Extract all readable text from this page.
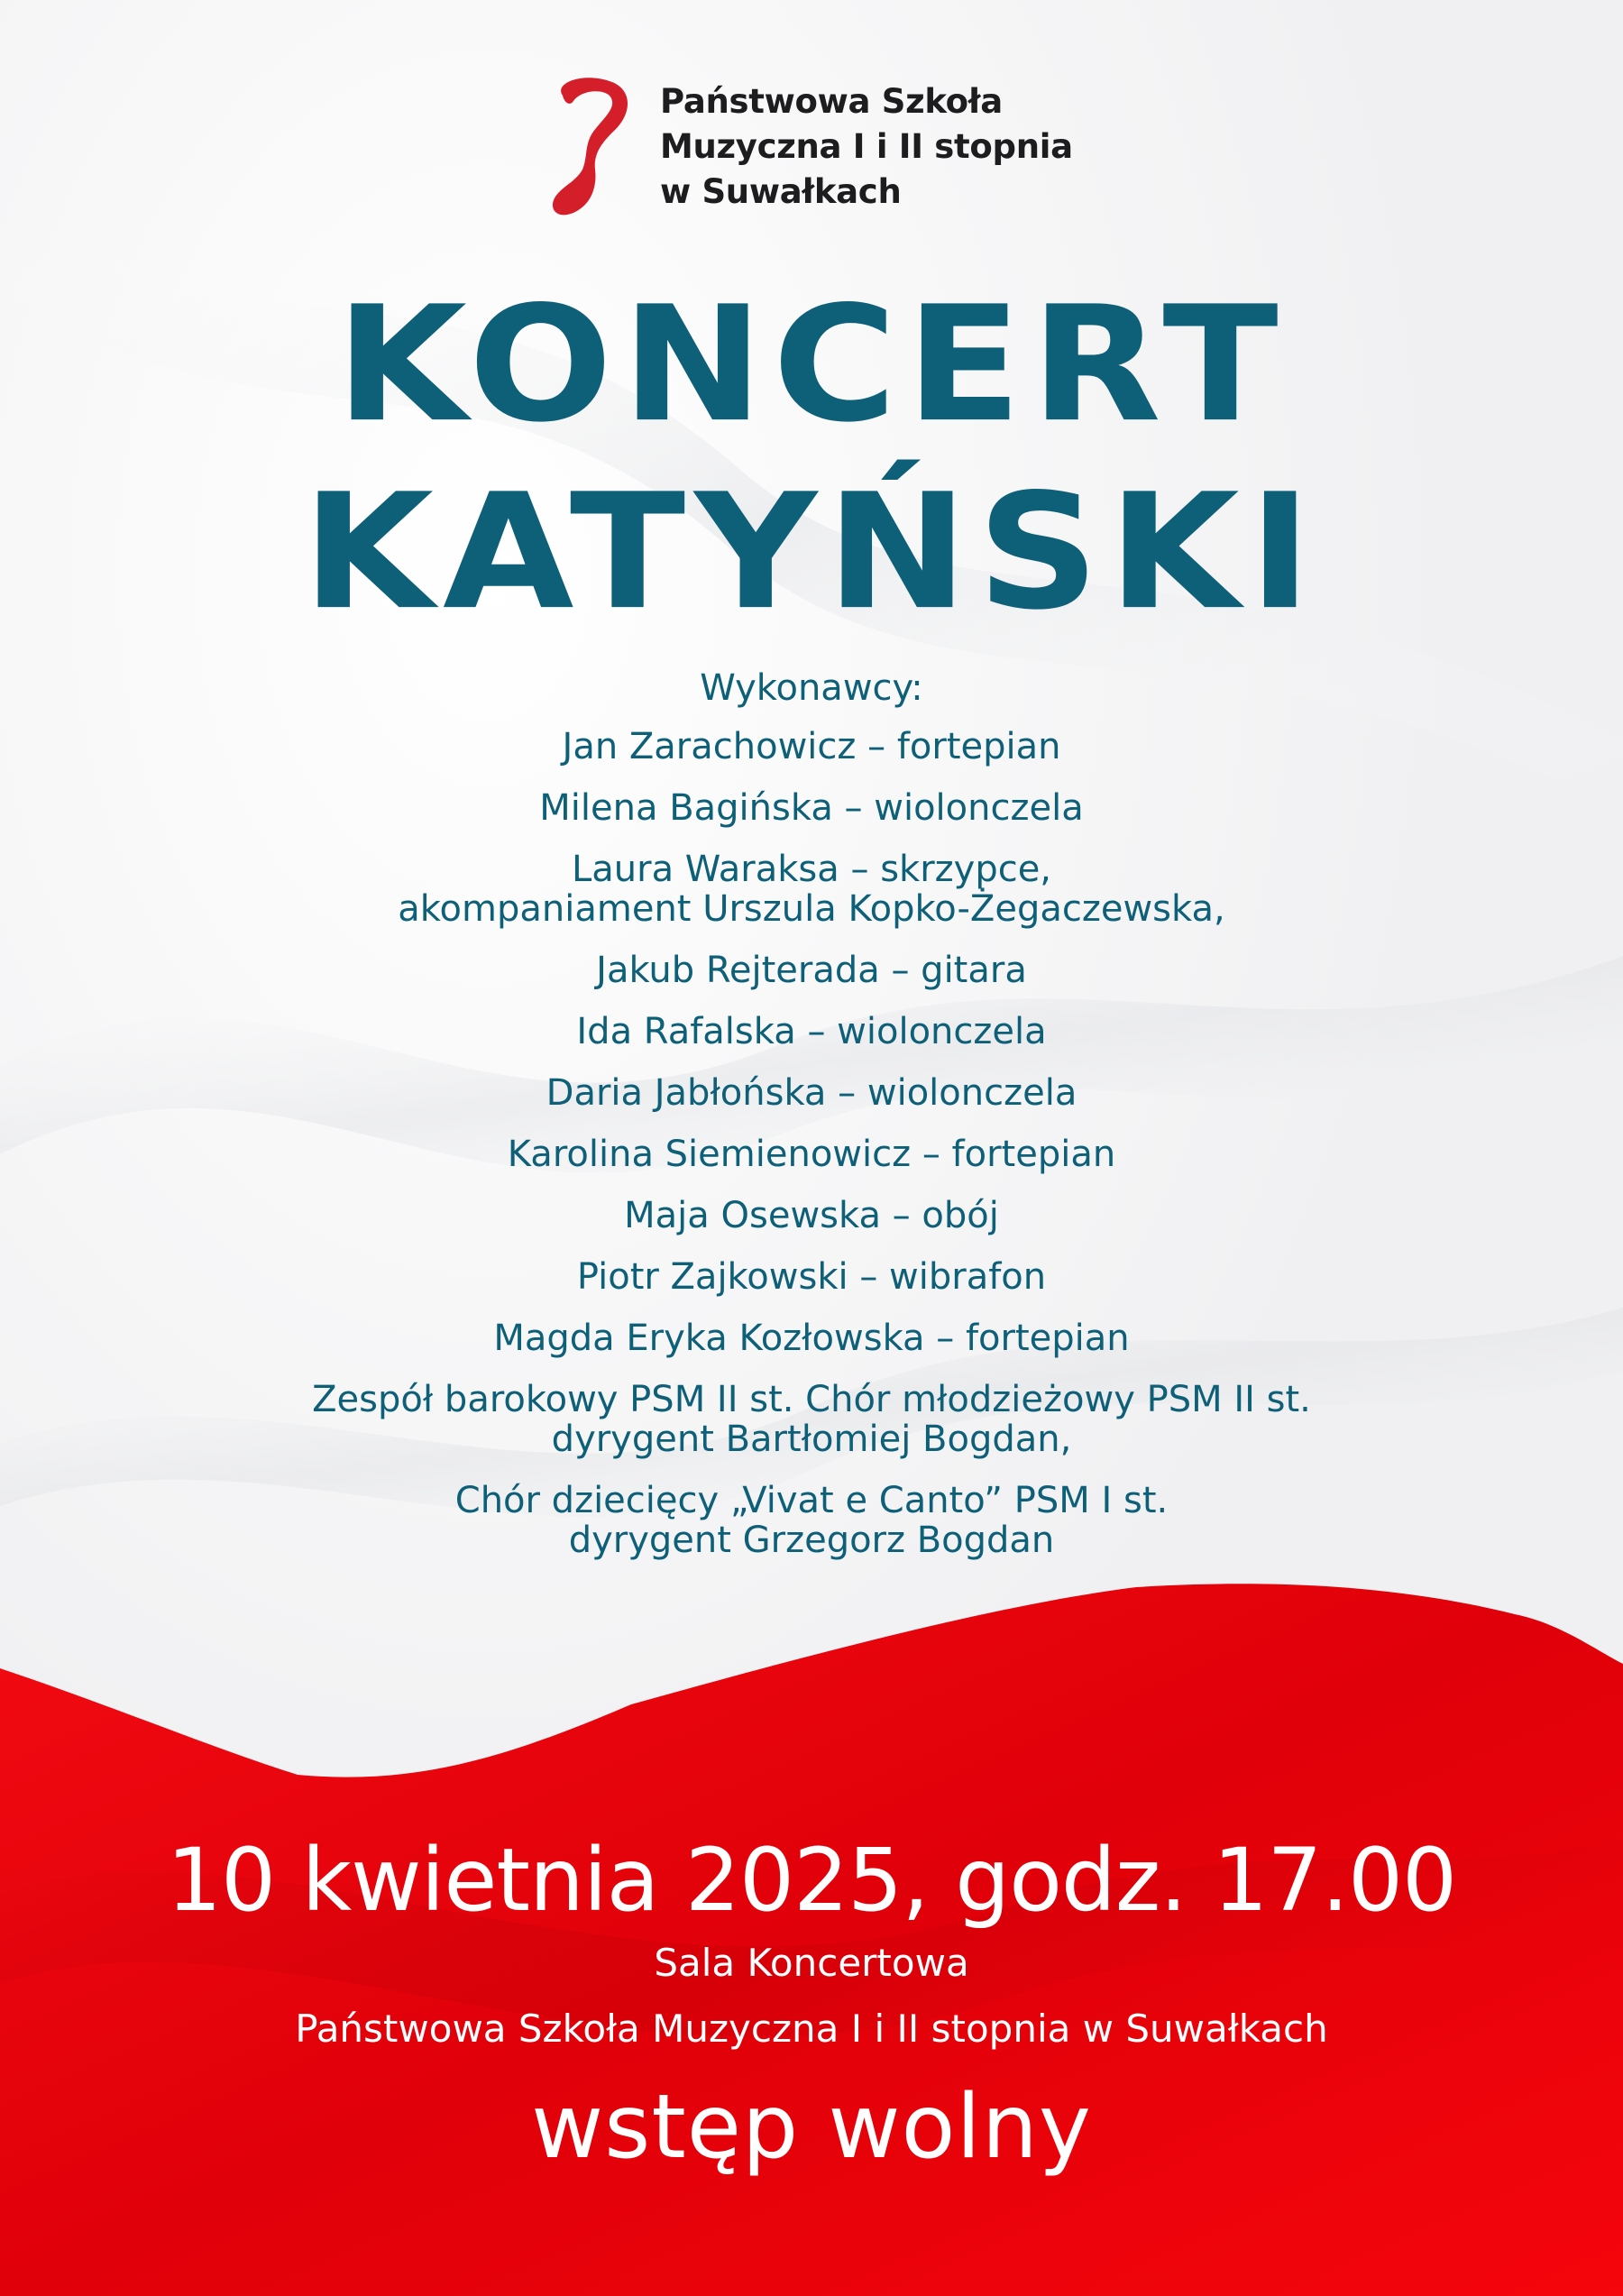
Państwowa Szkoła
Muzyczna I i II stopnia
w Suwałkach
KONCERT
KATYŃSKI
Wykonawcy:
Jan Zarachowicz – fortepian
Milena Bagińska – wiolonczela
Laura Waraksa – skrzypce,
akompaniament Urszula Kopko-Żegaczewska,
Jakub Rejterada – gitara
Ida Rafalska – wiolonczela
Daria Jabłońska – wiolonczela
Karolina Siemienowicz – fortepian
Maja Osewska – obój
Piotr Zajkowski – wibrafon
Magda Eryka Kozłowska – fortepian
Zespół barokowy PSM II st. Chór młodzieżowy PSM II st.
dyrygent Bartłomiej Bogdan,
Chór dziecięcy „Vivat e Canto” PSM I st.
dyrygent Grzegorz Bogdan
10 kwietnia 2025, godz. 17.00
Sala Koncertowa
Państwowa Szkoła Muzyczna I i II stopnia w Suwałkach
wstęp wolny
